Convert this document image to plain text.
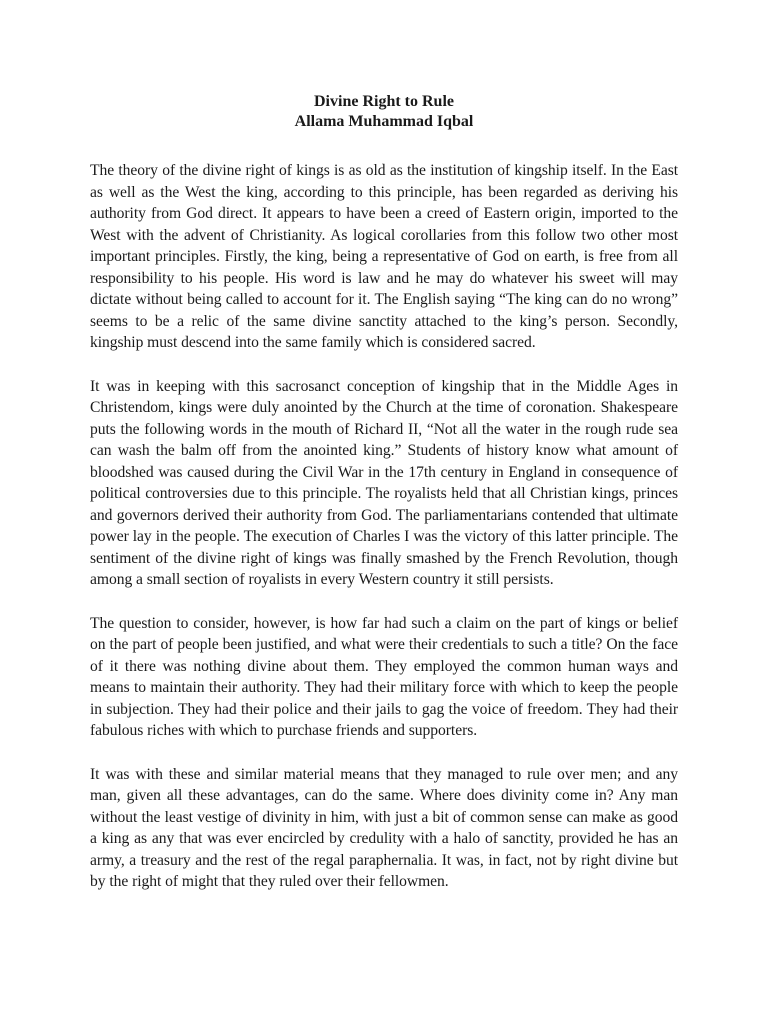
Divine Right to Rule

Allama Muhammad Iqbal

The theory of the divine right of kings is as old as the institution of kingship itself. In the East as well as the West the king, according to this principle, has been regarded as deriving his authority from God direct. It appears to have been a creed of Eastern origin, imported to the West with the advent of Christianity. As logical corollaries from this follow two other most important principles. Firstly, the king, being a representative of God on earth, is free from all responsibility to his people. His word is law and he may do whatever his sweet will may dictate without being called to account for it. The English saying “The king can do no wrong” seems to be a relic of the same divine sanctity attached to the king’s person. Secondly, kingship must descend into the same family which is considered sacred.

It was in keeping with this sacrosanct conception of kingship that in the Middle Ages in Christendom, kings were duly anointed by the Church at the time of coronation. Shakespeare puts the following words in the mouth of Richard II, “Not all the water in the rough rude sea can wash the balm off from the anointed king.” Students of history know what amount of bloodshed was caused during the Civil War in the 17th century in England in consequence of political controversies due to this principle. The royalists held that all Christian kings, princes and governors derived their authority from God. The parliamentarians contended that ultimate power lay in the people. The execution of Charles I was the victory of this latter principle. The sentiment of the divine right of kings was finally smashed by the French Revolution, though among a small section of royalists in every Western country it still persists.

The question to consider, however, is how far had such a claim on the part of kings or belief on the part of people been justified, and what were their credentials to such a title? On the face of it there was nothing divine about them. They employed the common human ways and means to maintain their authority. They had their military force with which to keep the people in subjection. They had their police and their jails to gag the voice of freedom. They had their fabulous riches with which to purchase friends and supporters.

It was with these and similar material means that they managed to rule over men; and any man, given all these advantages, can do the same. Where does divinity come in? Any man without the least vestige of divinity in him, with just a bit of common sense can make as good a king as any that was ever encircled by credulity with a halo of sanctity, provided he has an army, a treasury and the rest of the regal paraphernalia. It was, in fact, not by right divine but by the right of might that they ruled over their fellowmen.
